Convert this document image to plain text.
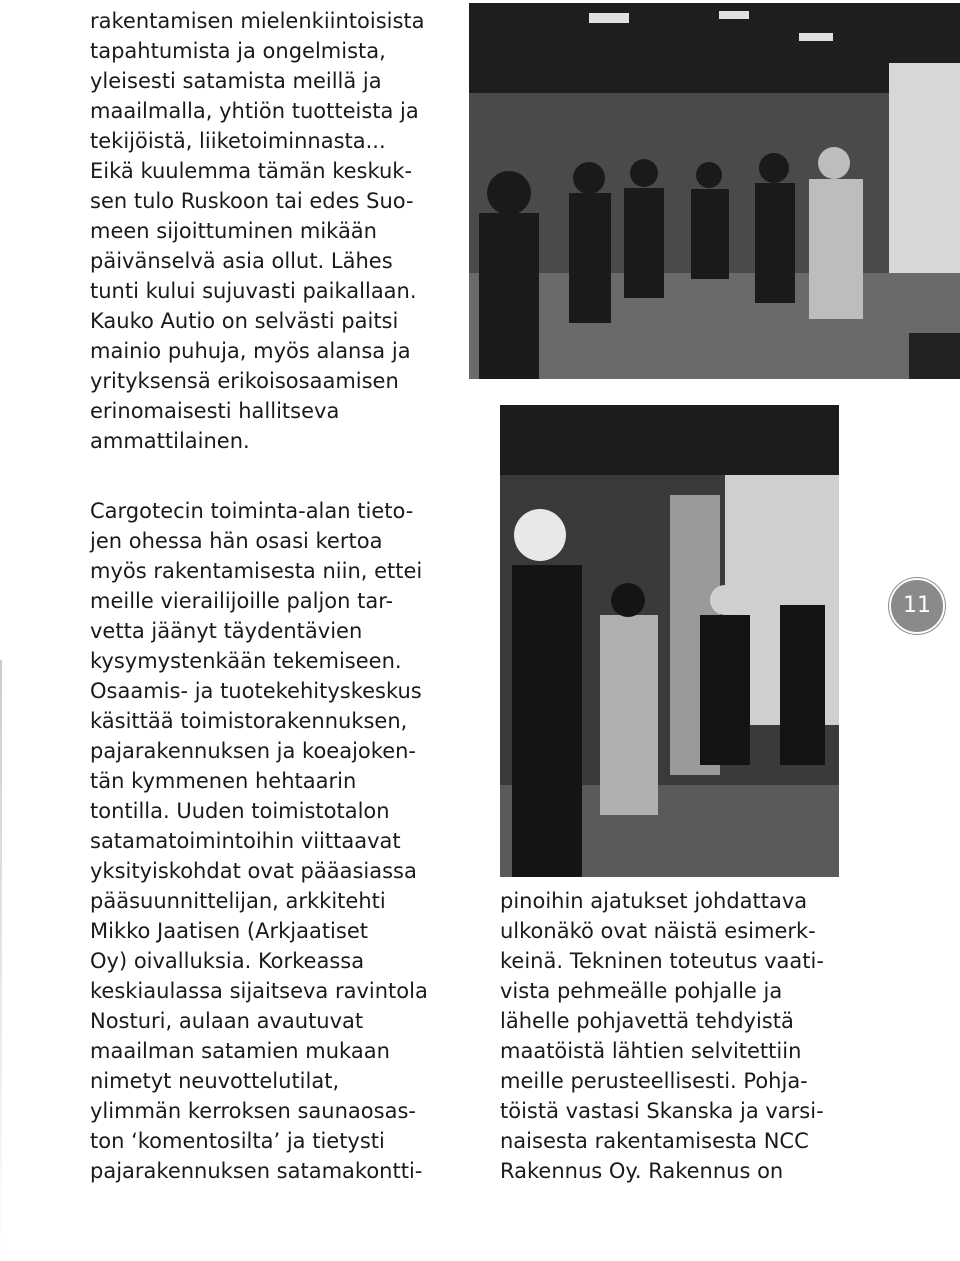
rakentamisen mielenkiintoisista
tapahtumista ja ongelmista,
yleisesti satamista meillä ja
maailmalla, yhtiön tuotteista ja
tekijöistä, liiketoiminnasta...
Eikä kuulemma tämän keskuk-
sen tulo Ruskoon tai edes Suo-
meen sijoittuminen mikään
päivänselvä asia ollut. Lähes
tunti kului sujuvasti paikallaan.
Kauko Autio on selvästi paitsi
mainio puhuja, myös alansa ja
yrityksensä erikoisosaamisen
erinomaisesti hallitseva
ammattilainen.

Cargotecin toiminta-alan tieto-
jen ohessa hän osasi kertoa
myös rakentamisesta niin, ettei
meille vierailijoille paljon tar-
vetta jäänyt täydentävien
kysymystenkään tekemiseen.
Osaamis- ja tuotekehityskeskus
käsittää toimistorakennuksen,
pajarakennuksen ja koeajoken-
tän kymmenen hehtaarin
tontilla. Uuden toimistotalon
satamatoimintoihin viittaavat
yksityiskohdat ovat pääasiassa
pääsuunnittelijan, arkkitehti
Mikko Jaatisen (Arkjaatiset
Oy) oivalluksia. Korkeassa
keskiaulassa sijaitseva ravintola
Nosturi, aulaan avautuvat
maailman satamien mukaan
nimetyt neuvottelutilat,
ylimmän kerroksen saunaosas-
ton ‘komentosilta’ ja tietysti
pajarakennuksen satamakontti-

pinoihin ajatukset johdattava
ulkonäkö ovat näistä esimerk-
keinä. Tekninen toteutus vaati-
vista pehmeälle pohjalle ja
lähelle pohjavettä tehdyistä
maatöistä lähtien selvitettiin
meille perusteellisesti. Pohja-
töistä vastasi Skanska ja varsi-
naisesta rakentamisesta NCC
Rakennus Oy. Rakennus on

11
